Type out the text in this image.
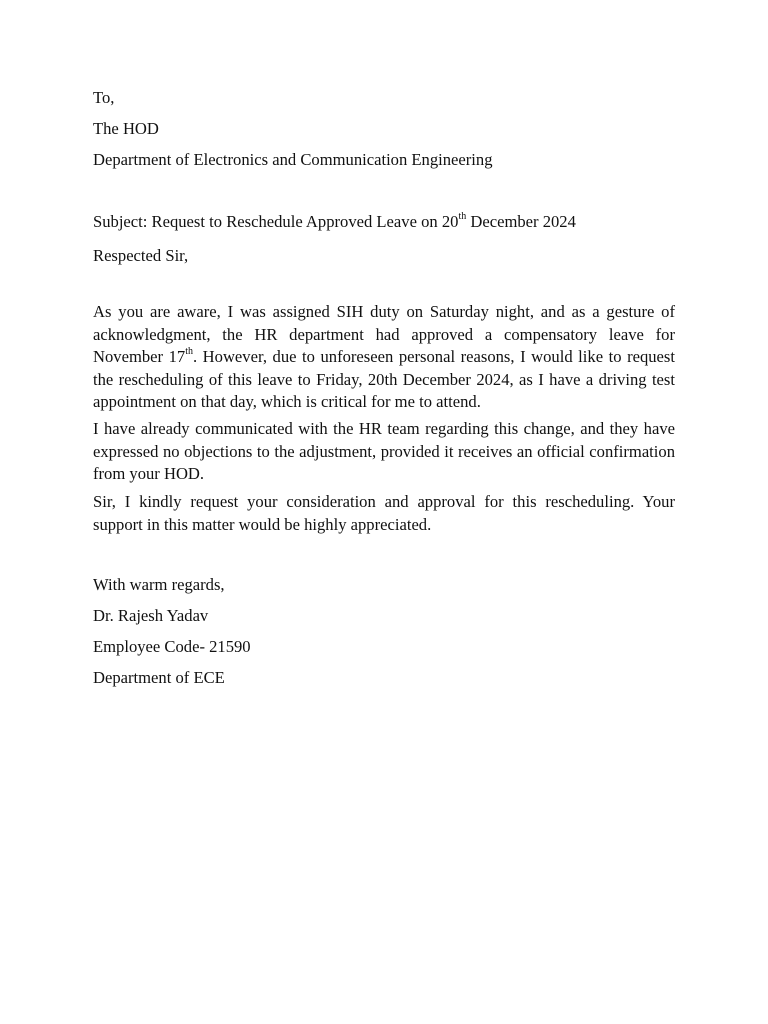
To,
The HOD
Department of Electronics and Communication Engineering
Subject: Request to Reschedule Approved Leave on 20th December 2024
Respected Sir,
As you are aware, I was assigned SIH duty on Saturday night, and as a gesture of acknowledgment, the HR department had approved a compensatory leave for November 17th. However, due to unforeseen personal reasons, I would like to request the rescheduling of this leave to Friday, 20th December 2024, as I have a driving test appointment on that day, which is critical for me to attend.
I have already communicated with the HR team regarding this change, and they have expressed no objections to the adjustment, provided it receives an official confirmation from your HOD.
Sir, I kindly request your consideration and approval for this rescheduling. Your support in this matter would be highly appreciated.
With warm regards,
Dr. Rajesh Yadav
Employee Code- 21590
Department of ECE
